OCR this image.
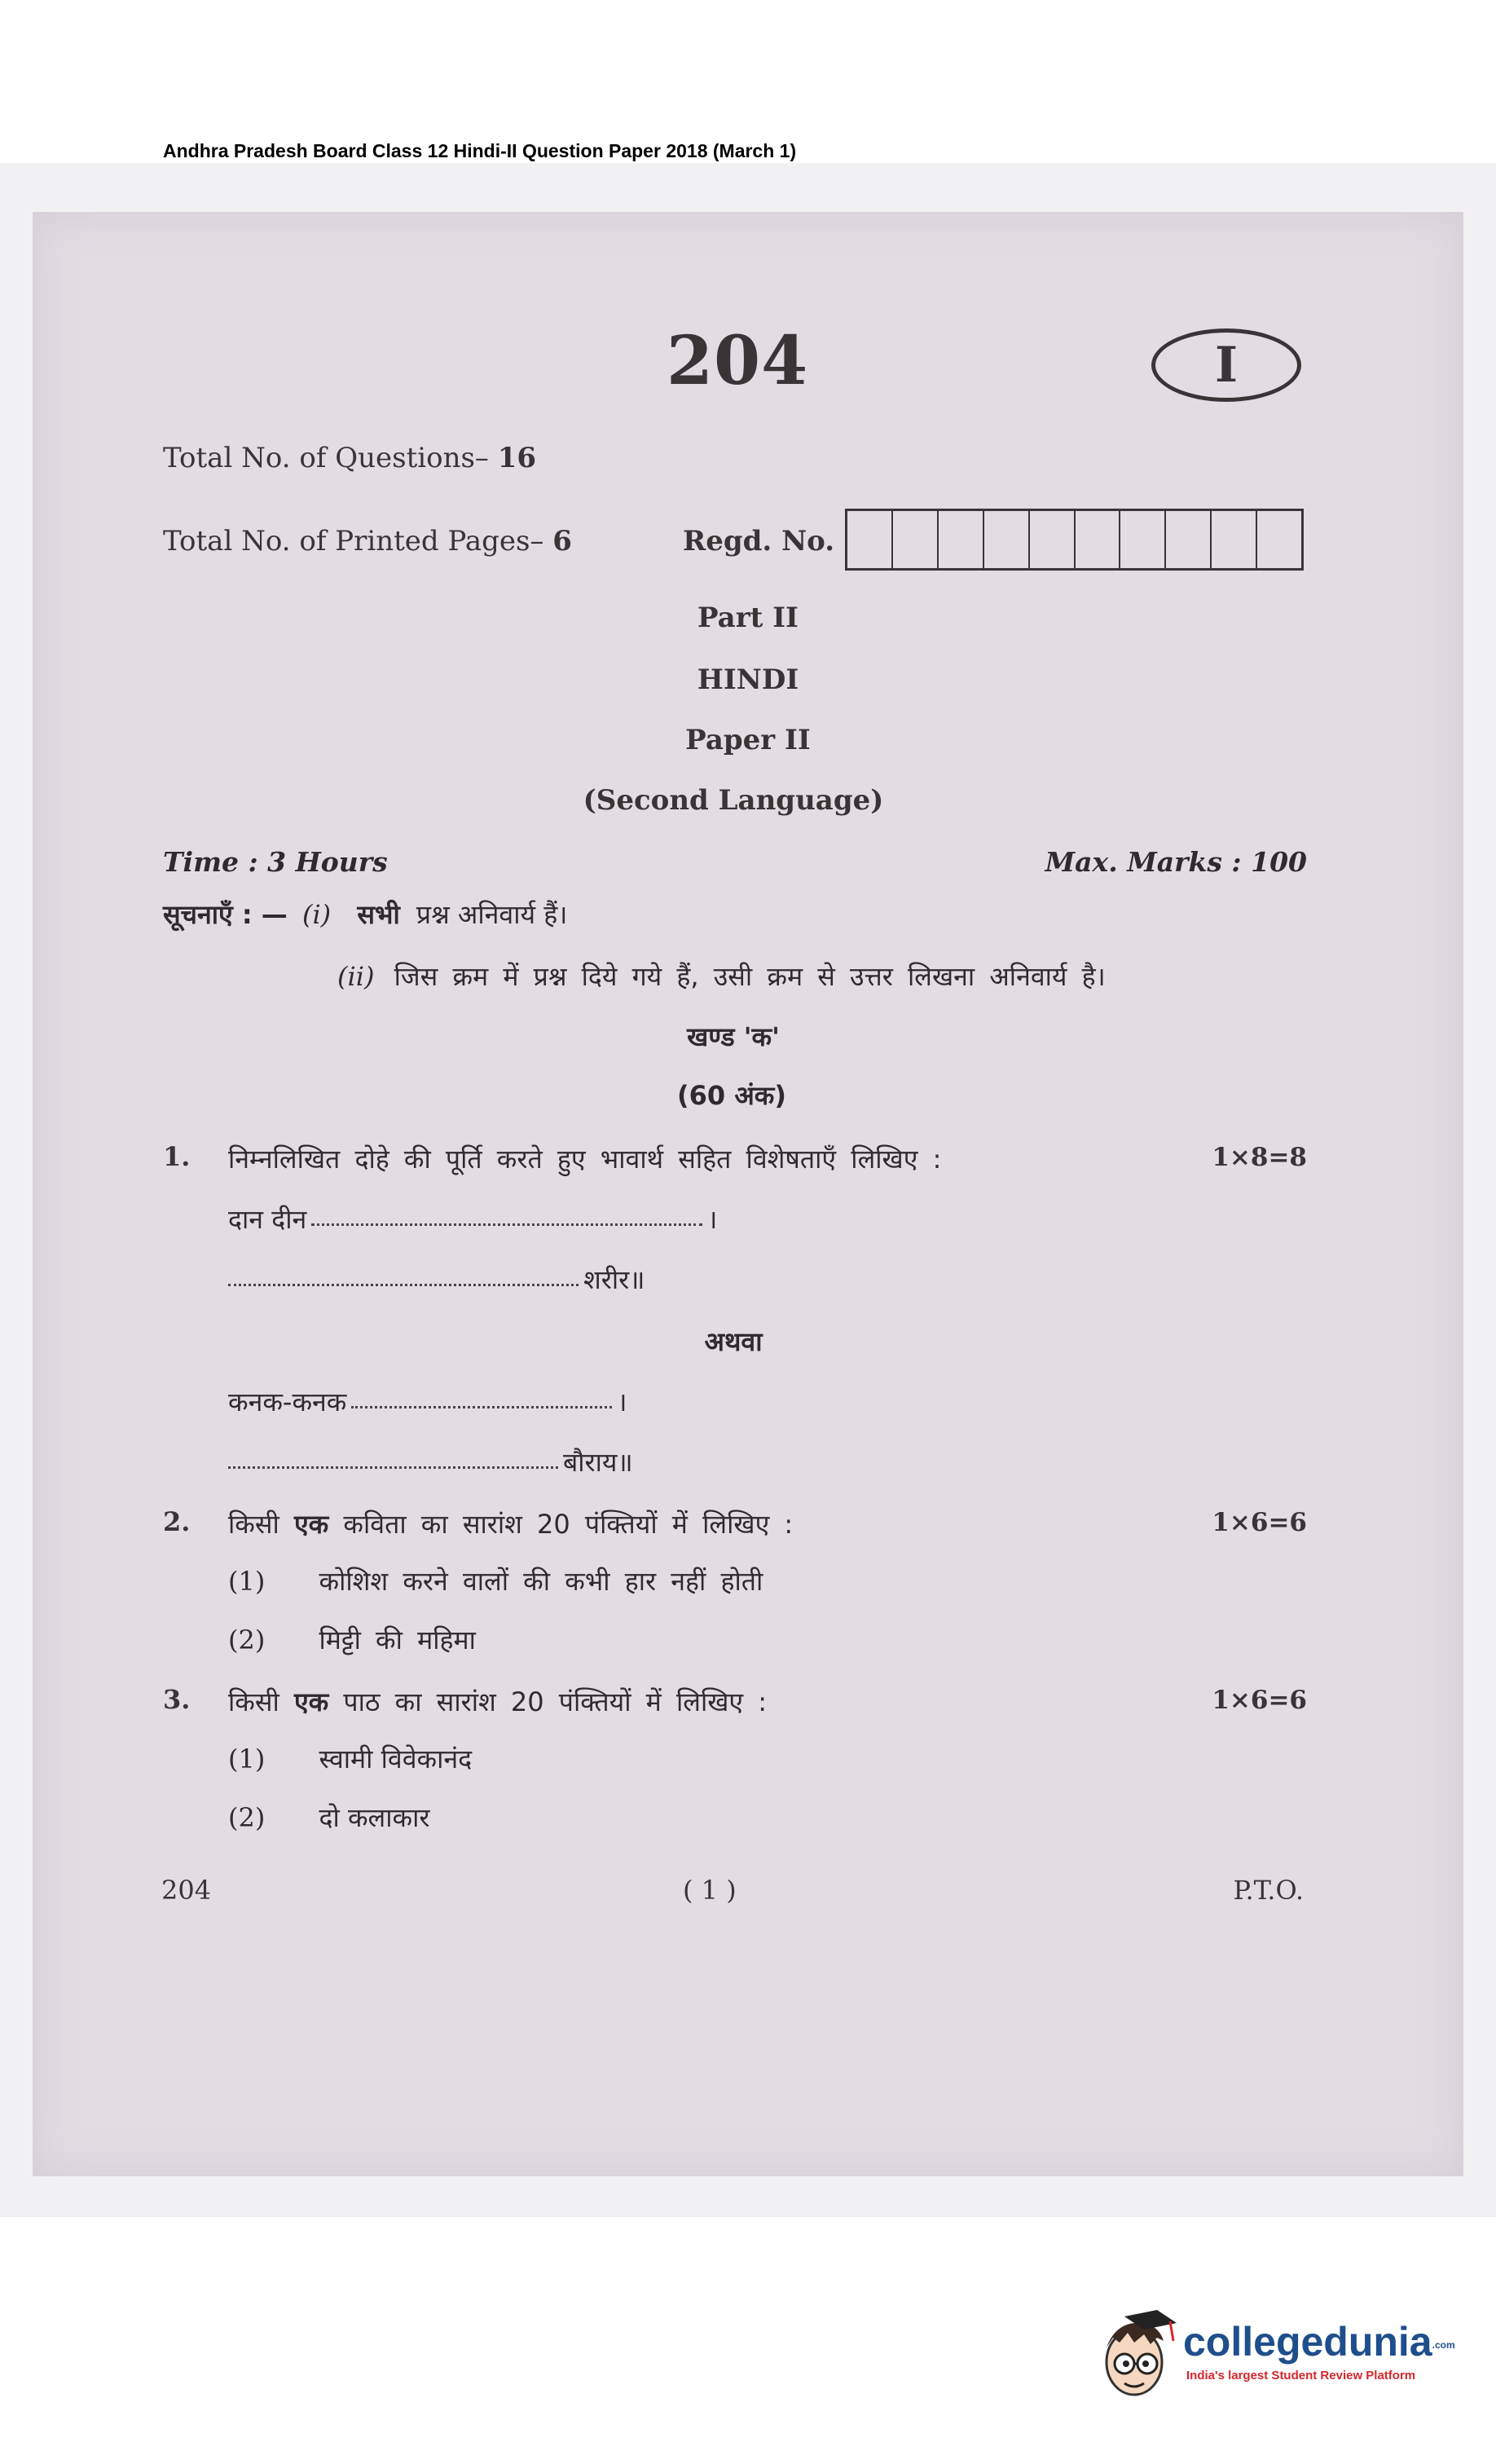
Andhra Pradesh Board Class 12 Hindi-II Question Paper 2018 (March 1)
204	I
Total No. of Questions– 16
Total No. of Printed Pages– 6	Regd. No.
Part II
HINDI
Paper II
(Second Language)
Time : 3 Hours	Max. Marks : 100
सूचनाएँ : — (i) सभी प्रश्न अनिवार्य हैं।
(ii) जिस क्रम में प्रश्न दिये गये हैं, उसी क्रम से उत्तर लिखना अनिवार्य है।
खण्ड 'क'
(60 अंक)
1. निम्नलिखित दोहे की पूर्ति करते हुए भावार्थ सहित विशेषताएँ लिखिए :	1×8=8
दान दीन	।
शरीर॥
अथवा
कनक-कनक	।
बौराय॥
2. किसी एक कविता का सारांश 20 पंक्तियों में लिखिए :	1×6=6
(1) कोशिश करने वालों की कभी हार नहीं होती
(2) मिट्टी की महिमा
3. किसी एक पाठ का सारांश 20 पंक्तियों में लिखिए :	1×6=6
(1) स्वामी विवेकानंद
(2) दो कलाकार
204	( 1 )	P.T.O.
collegedunia.com
India's largest Student Review Platform
